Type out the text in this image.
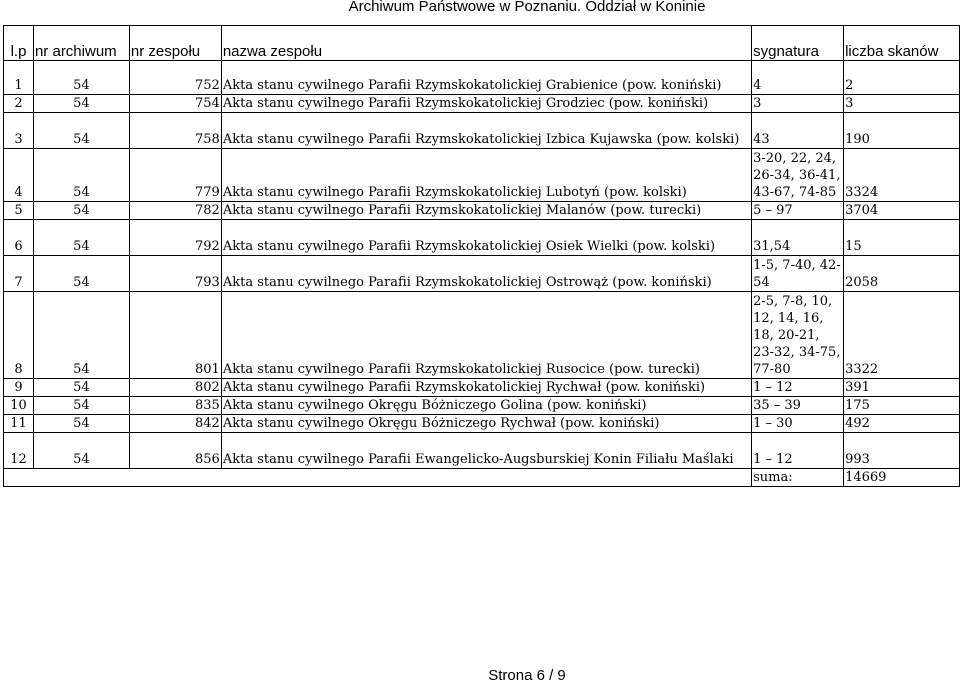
Archiwum Państwowe w Poznaniu. Oddział w Koninie
l.p	nr archiwum	nr zespołu	nazwa zespołu	sygnatura	liczba skanów
1	54	752	Akta stanu cywilnego Parafii Rzymskokatolickiej Grabienice (pow. koniński)	4	2
2	54	754	Akta stanu cywilnego Parafii Rzymskokatolickiej Grodziec (pow. koniński)	3	3
3	54	758	Akta stanu cywilnego Parafii Rzymskokatolickiej Izbica Kujawska (pow. kolski)	43	190
4	54	779	Akta stanu cywilnego Parafii Rzymskokatolickiej Lubotyń (pow. kolski)	3-20, 22, 24, 26-34, 36-41, 43-67, 74-85	3324
5	54	782	Akta stanu cywilnego Parafii Rzymskokatolickiej Malanów (pow. turecki)	5 – 97	3704
6	54	792	Akta stanu cywilnego Parafii Rzymskokatolickiej Osiek Wielki (pow. kolski)	31,54	15
7	54	793	Akta stanu cywilnego Parafii Rzymskokatolickiej Ostrowąż (pow. koniński)	1-5, 7-40, 42-54	2058
8	54	801	Akta stanu cywilnego Parafii Rzymskokatolickiej Rusocice (pow. turecki)	2-5, 7-8, 10, 12, 14, 16, 18, 20-21, 23-32, 34-75, 77-80	3322
9	54	802	Akta stanu cywilnego Parafii Rzymskokatolickiej Rychwał (pow. koniński)	1 – 12	391
10	54	835	Akta stanu cywilnego Okręgu Bóżniczego Golina (pow. koniński)	35 – 39	175
11	54	842	Akta stanu cywilnego Okręgu Bóżniczego Rychwał (pow. koniński)	1 – 30	492
12	54	856	Akta stanu cywilnego Parafii Ewangelicko-Augsburskiej Konin Filiału Maślaki	1 – 12	993
				suma:	14669
Strona 6 / 9
